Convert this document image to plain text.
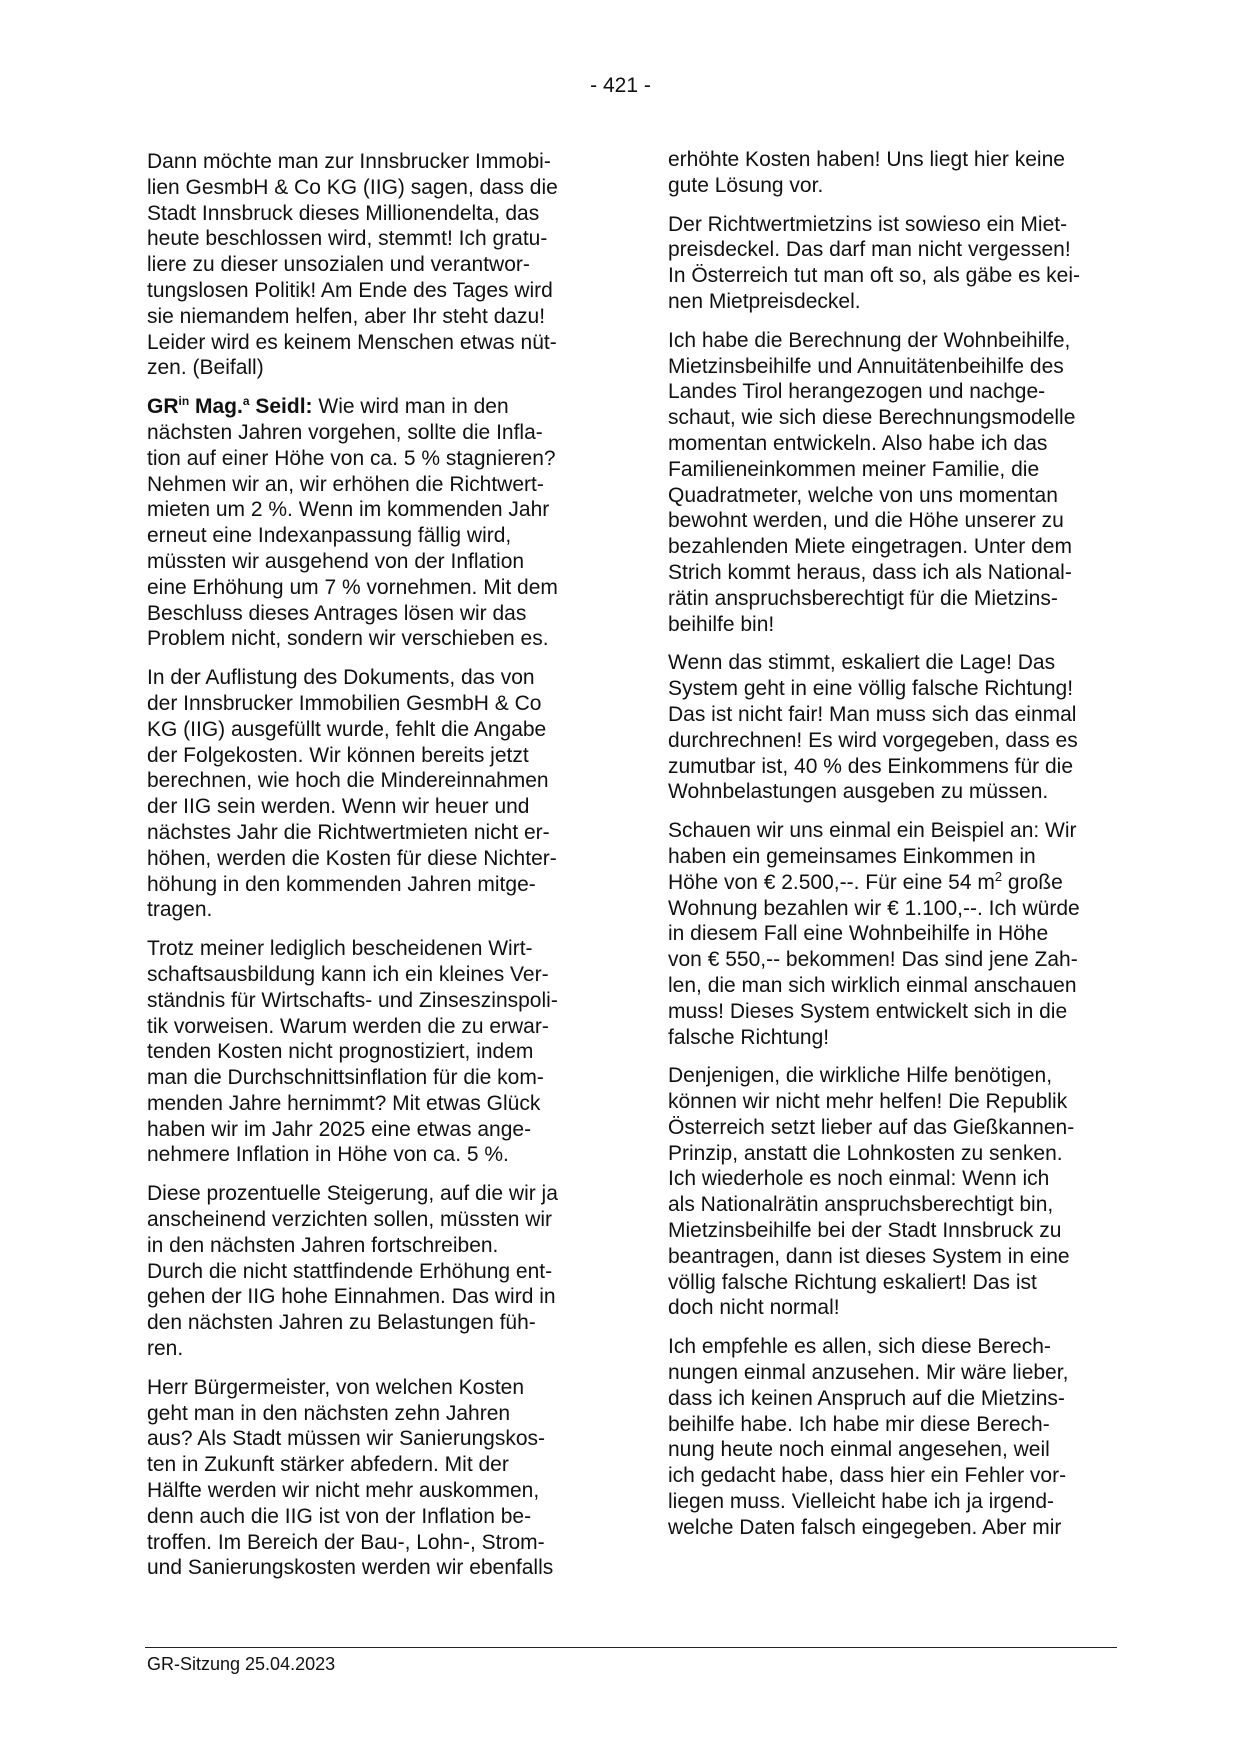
- 421 -

Dann möchte man zur Innsbrucker Immobi-
lien GesmbH & Co KG (IIG) sagen, dass die
Stadt Innsbruck dieses Millionendelta, das
heute beschlossen wird, stemmt! Ich gratu-
liere zu dieser unsozialen und verantwor-
tungslosen Politik! Am Ende des Tages wird
sie niemandem helfen, aber Ihr steht dazu!
Leider wird es keinem Menschen etwas nüt-
zen. (Beifall)

$GR^{in}$ Mag.$^a$ Seidl: Wie wird man in den
nächsten Jahren vorgehen, sollte die Infla-
tion auf einer Höhe von ca. 5 % stagnieren?
Nehmen wir an, wir erhöhen die Richtwert-
mieten um 2 %. Wenn im kommenden Jahr
erneut eine Indexanpassung fällig wird,
müssten wir ausgehend von der Inflation
eine Erhöhung um 7 % vornehmen. Mit dem
Beschluss dieses Antrages lösen wir das
Problem nicht, sondern wir verschieben es.

In der Auflistung des Dokuments, das von
der Innsbrucker Immobilien GesmbH & Co
KG (IIG) ausgefüllt wurde, fehlt die Angabe
der Folgekosten. Wir können bereits jetzt
berechnen, wie hoch die Mindereinnahmen
der IIG sein werden. Wenn wir heuer und
nächstes Jahr die Richtwertmieten nicht er-
höhen, werden die Kosten für diese Nichter-
höhung in den kommenden Jahren mitge-
tragen.

Trotz meiner lediglich bescheidenen Wirt-
schaftsausbildung kann ich ein kleines Ver-
ständnis für Wirtschafts- und Zinseszinspoli-
tik vorweisen. Warum werden die zu erwar-
tenden Kosten nicht prognostiziert, indem
man die Durchschnittsinflation für die kom-
menden Jahre hernimmt? Mit etwas Glück
haben wir im Jahr 2025 eine etwas ange-
nehmere Inflation in Höhe von ca. 5 %.

Diese prozentuelle Steigerung, auf die wir ja
anscheinend verzichten sollen, müssten wir
in den nächsten Jahren fortschreiben.
Durch die nicht stattfindende Erhöhung ent-
gehen der IIG hohe Einnahmen. Das wird in
den nächsten Jahren zu Belastungen füh-
ren.

Herr Bürgermeister, von welchen Kosten
geht man in den nächsten zehn Jahren
aus? Als Stadt müssen wir Sanierungskos-
ten in Zukunft stärker abfedern. Mit der
Hälfte werden wir nicht mehr auskommen,
denn auch die IIG ist von der Inflation be-
troffen. Im Bereich der Bau-, Lohn-, Strom-
und Sanierungskosten werden wir ebenfalls

erhöhte Kosten haben! Uns liegt hier keine
gute Lösung vor.

Der Richtwertmietzins ist sowieso ein Miet-
preisdeckel. Das darf man nicht vergessen!
In Österreich tut man oft so, als gäbe es kei-
nen Mietpreisdeckel.

Ich habe die Berechnung der Wohnbeihilfe,
Mietzinsbeihilfe und Annuitätenbeihilfe des
Landes Tirol herangezogen und nachge-
schaut, wie sich diese Berechnungsmodelle
momentan entwickeln. Also habe ich das
Familieneinkommen meiner Familie, die
Quadratmeter, welche von uns momentan
bewohnt werden, und die Höhe unserer zu
bezahlenden Miete eingetragen. Unter dem
Strich kommt heraus, dass ich als National-
rätin anspruchsberechtigt für die Mietzins-
beihilfe bin!

Wenn das stimmt, eskaliert die Lage! Das
System geht in eine völlig falsche Richtung!
Das ist nicht fair! Man muss sich das einmal
durchrechnen! Es wird vorgegeben, dass es
zumutbar ist, 40 % des Einkommens für die
Wohnbelastungen ausgeben zu müssen.

Schauen wir uns einmal ein Beispiel an: Wir
haben ein gemeinsames Einkommen in
Höhe von € 2.500,--. Für eine 54 $m^2$ große
Wohnung bezahlen wir € 1.100,--. Ich würde
in diesem Fall eine Wohnbeihilfe in Höhe
von € 550,-- bekommen! Das sind jene Zah-
len, die man sich wirklich einmal anschauen
muss! Dieses System entwickelt sich in die
falsche Richtung!

Denjenigen, die wirkliche Hilfe benötigen,
können wir nicht mehr helfen! Die Republik
Österreich setzt lieber auf das Gießkannen-
Prinzip, anstatt die Lohnkosten zu senken.
Ich wiederhole es noch einmal: Wenn ich
als Nationalrätin anspruchsberechtigt bin,
Mietzinsbeihilfe bei der Stadt Innsbruck zu
beantragen, dann ist dieses System in eine
völlig falsche Richtung eskaliert! Das ist
doch nicht normal!

Ich empfehle es allen, sich diese Berech-
nungen einmal anzusehen. Mir wäre lieber,
dass ich keinen Anspruch auf die Mietzins-
beihilfe habe. Ich habe mir diese Berech-
nung heute noch einmal angesehen, weil
ich gedacht habe, dass hier ein Fehler vor-
liegen muss. Vielleicht habe ich ja irgend-
welche Daten falsch eingegeben. Aber mir

GR-Sitzung 25.04.2023
